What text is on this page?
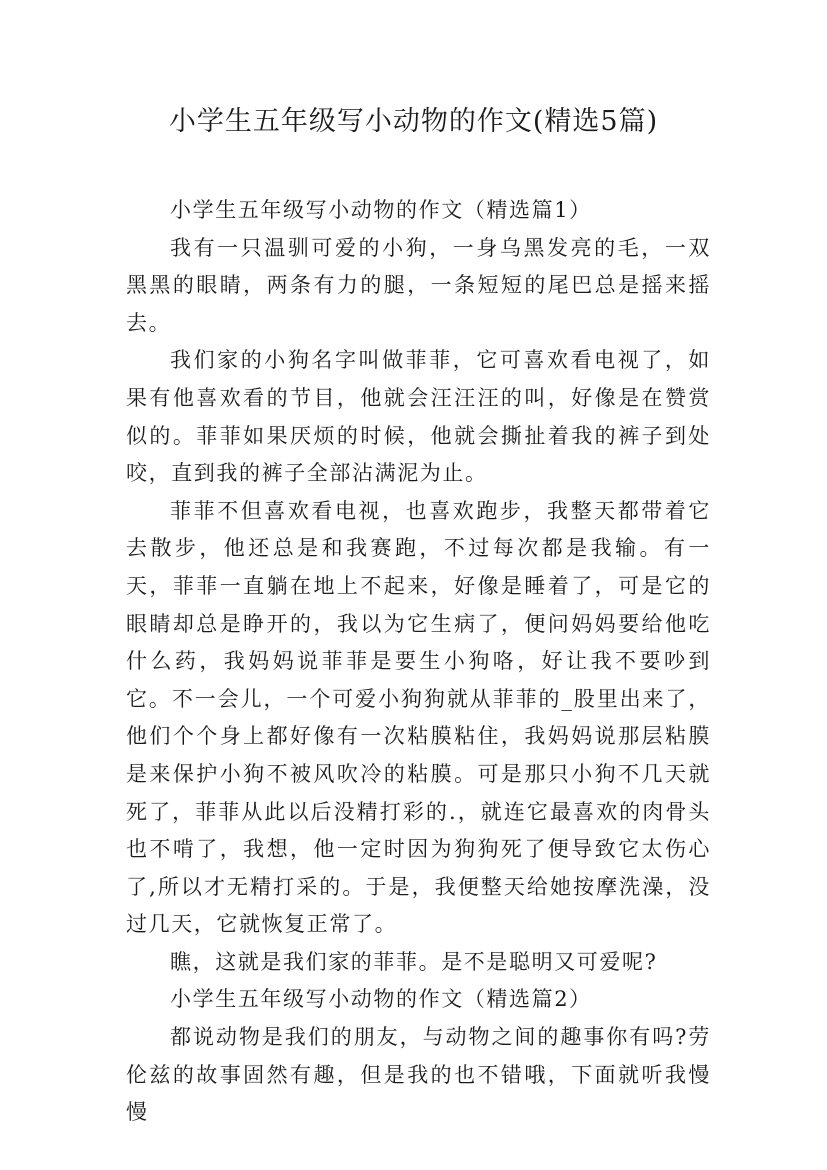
小学生五年级写小动物的作文(精选5篇)

小学生五年级写小动物的作文（精选篇1）

我有一只温驯可爱的小狗，一身乌黑发亮的毛，一双黑黑的眼睛，两条有力的腿，一条短短的尾巴总是摇来摇去。

我们家的小狗名字叫做菲菲，它可喜欢看电视了，如果有他喜欢看的节目，他就会汪汪汪的叫，好像是在赞赏似的。菲菲如果厌烦的时候，他就会撕扯着我的裤子到处咬，直到我的裤子全部沾满泥为止。

菲菲不但喜欢看电视，也喜欢跑步，我整天都带着它去散步，他还总是和我赛跑，不过每次都是我输。有一天，菲菲一直躺在地上不起来，好像是睡着了，可是它的眼睛却总是睁开的，我以为它生病了，便问妈妈要给他吃什么药，我妈妈说菲菲是要生小狗咯，好让我不要吵到它。不一会儿，一个可爱小狗狗就从菲菲的_股里出来了，他们个个身上都好像有一次粘膜粘住，我妈妈说那层粘膜是来保护小狗不被风吹冷的粘膜。可是那只小狗不几天就死了，菲菲从此以后没精打彩的.，就连它最喜欢的肉骨头也不啃了，我想，他一定时因为狗狗死了便导致它太伤心了,所以才无精打采的。于是，我便整天给她按摩洗澡，没过几天，它就恢复正常了。

瞧，这就是我们家的菲菲。是不是聪明又可爱呢?

小学生五年级写小动物的作文（精选篇2）

都说动物是我们的朋友，与动物之间的趣事你有吗?劳伦兹的故事固然有趣，但是我的也不错哦，下面就听我慢慢
